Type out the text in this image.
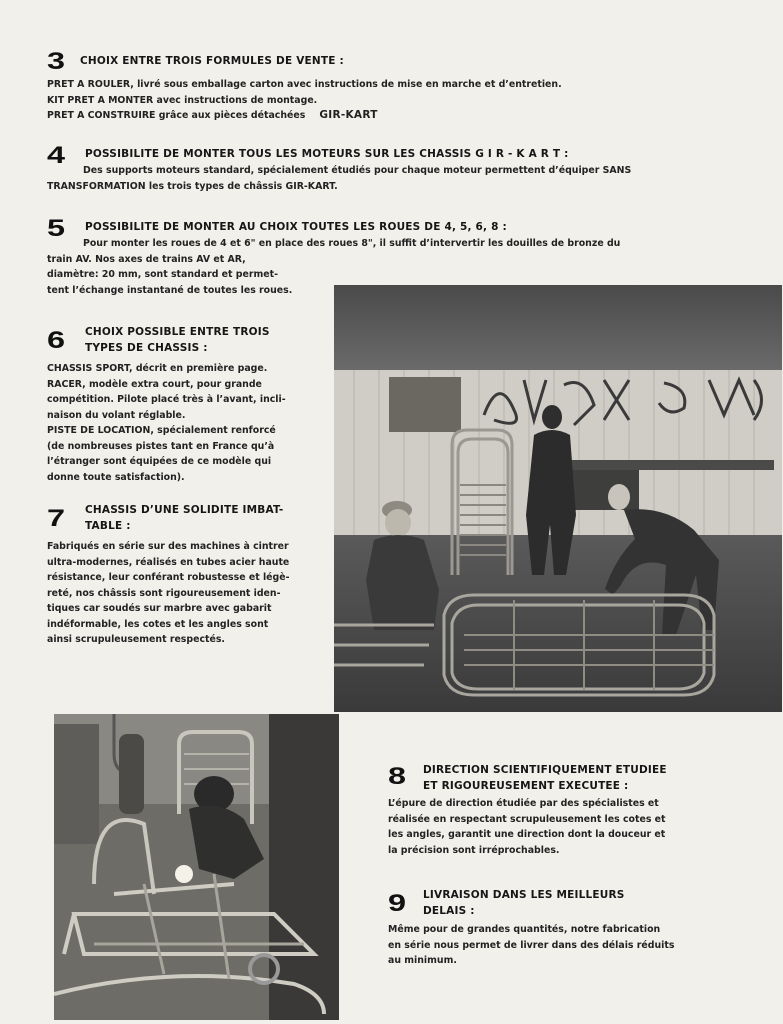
3 CHOIX ENTRE TROIS FORMULES DE VENTE :
PRET A ROULER, livré sous emballage carton avec instructions de mise en marche et d’entretien.
KIT PRET A MONTER avec instructions de montage.
PRET A CONSTRUIRE grâce aux pièces détachées GIR-KART
4 POSSIBILITE DE MONTER TOUS LES MOTEURS SUR LES CHASSIS G I R - K A R T :
Des supports moteurs standard, spécialement étudiés pour chaque moteur permettent d’équiper SANS
TRANSFORMATION les trois types de châssis GIR-KART.
5 POSSIBILITE DE MONTER AU CHOIX TOUTES LES ROUES DE 4, 5, 6, 8 :
Pour monter les roues de 4 et 6" en place des roues 8", il suffit d’intervertir les douilles de bronze du
train AV. Nos axes de trains AV et AR,
diamètre: 20 mm, sont standard et permet-
tent l’échange instantané de toutes les roues.
6 CHOIX POSSIBLE ENTRE TROIS
TYPES DE CHASSIS :
CHASSIS SPORT, décrit en première page.
RACER, modèle extra court, pour grande
compétition. Pilote placé très à l’avant, incli-
naison du volant réglable.
PISTE DE LOCATION, spécialement renforcé
(de nombreuses pistes tant en France qu’à
l’étranger sont équipées de ce modèle qui
donne toute satisfaction).
7 CHASSIS D’UNE SOLIDITE IMBAT-
TABLE :
Fabriqués en série sur des machines à cintrer
ultra-modernes, réalisés en tubes acier haute
résistance, leur conférant robustesse et légè-
reté, nos châssis sont rigoureusement iden-
tiques car soudés sur marbre avec gabarit
indéformable, les cotes et les angles sont
ainsi scrupuleusement respectés.
8 DIRECTION SCIENTIFIQUEMENT ETUDIEE
ET RIGOUREUSEMENT EXECUTEE :
L’épure de direction étudiée par des spécialistes et
réalisée en respectant scrupuleusement les cotes et
les angles, garantit une direction dont la douceur et
la précision sont irréprochables.
9 LIVRAISON DANS LES MEILLEURS
DELAIS :
Même pour de grandes quantités, notre fabrication
en série nous permet de livrer dans des délais réduits
au minimum.
